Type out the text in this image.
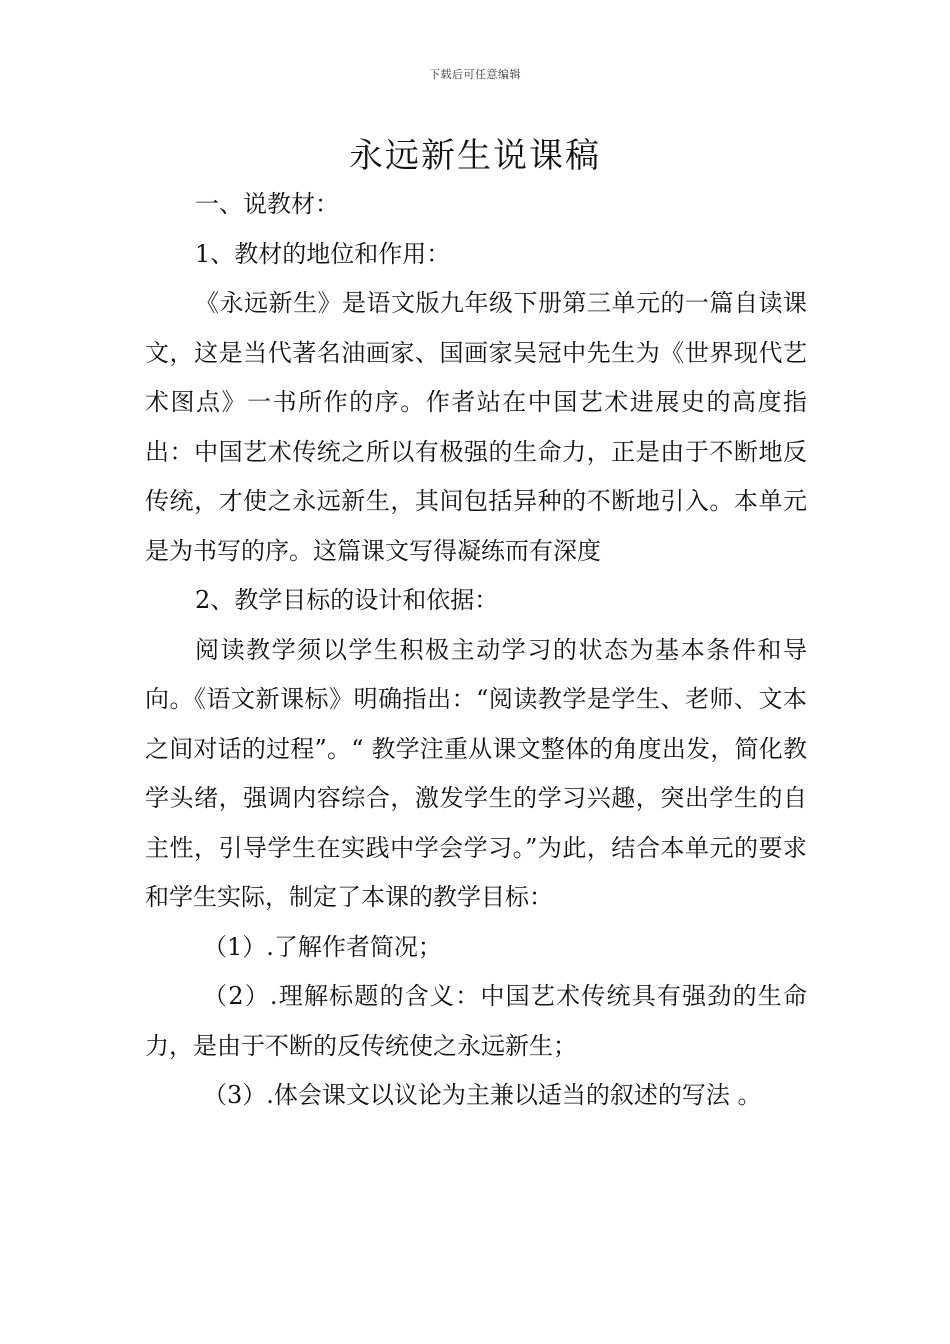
下载后可任意编辑
永远新生说课稿

一、说教材：

1、教材的地位和作用：

《永远新生》是语文版九年级下册第三单元的一篇自读课文，这是当代著名油画家、国画家吴冠中先生为《世界现代艺术图点》一书所作的序。作者站在中国艺术进展史的高度指出：中国艺术传统之所以有极强的生命力，正是由于不断地反传统，才使之永远新生，其间包括异种的不断地引入。本单元是为书写的序。这篇课文写得凝练而有深度

2、教学目标的设计和依据：

阅读教学须以学生积极主动学习的状态为基本条件和导向。《语文新课标》明确指出：“阅读教学是学生、老师、文本之间对话的过程”。“ 教学注重从课文整体的角度出发，简化教学头绪，强调内容综合，激发学生的学习兴趣，突出学生的自主性，引导学生在实践中学会学习。”为此，结合本单元的要求和学生实际，制定了本课的教学目标：

（1）.了解作者简况；

（2）.理解标题的含义：中国艺术传统具有强劲的生命力，是由于不断的反传统使之永远新生；

（3）.体会课文以议论为主兼以适当的叙述的写法 。
